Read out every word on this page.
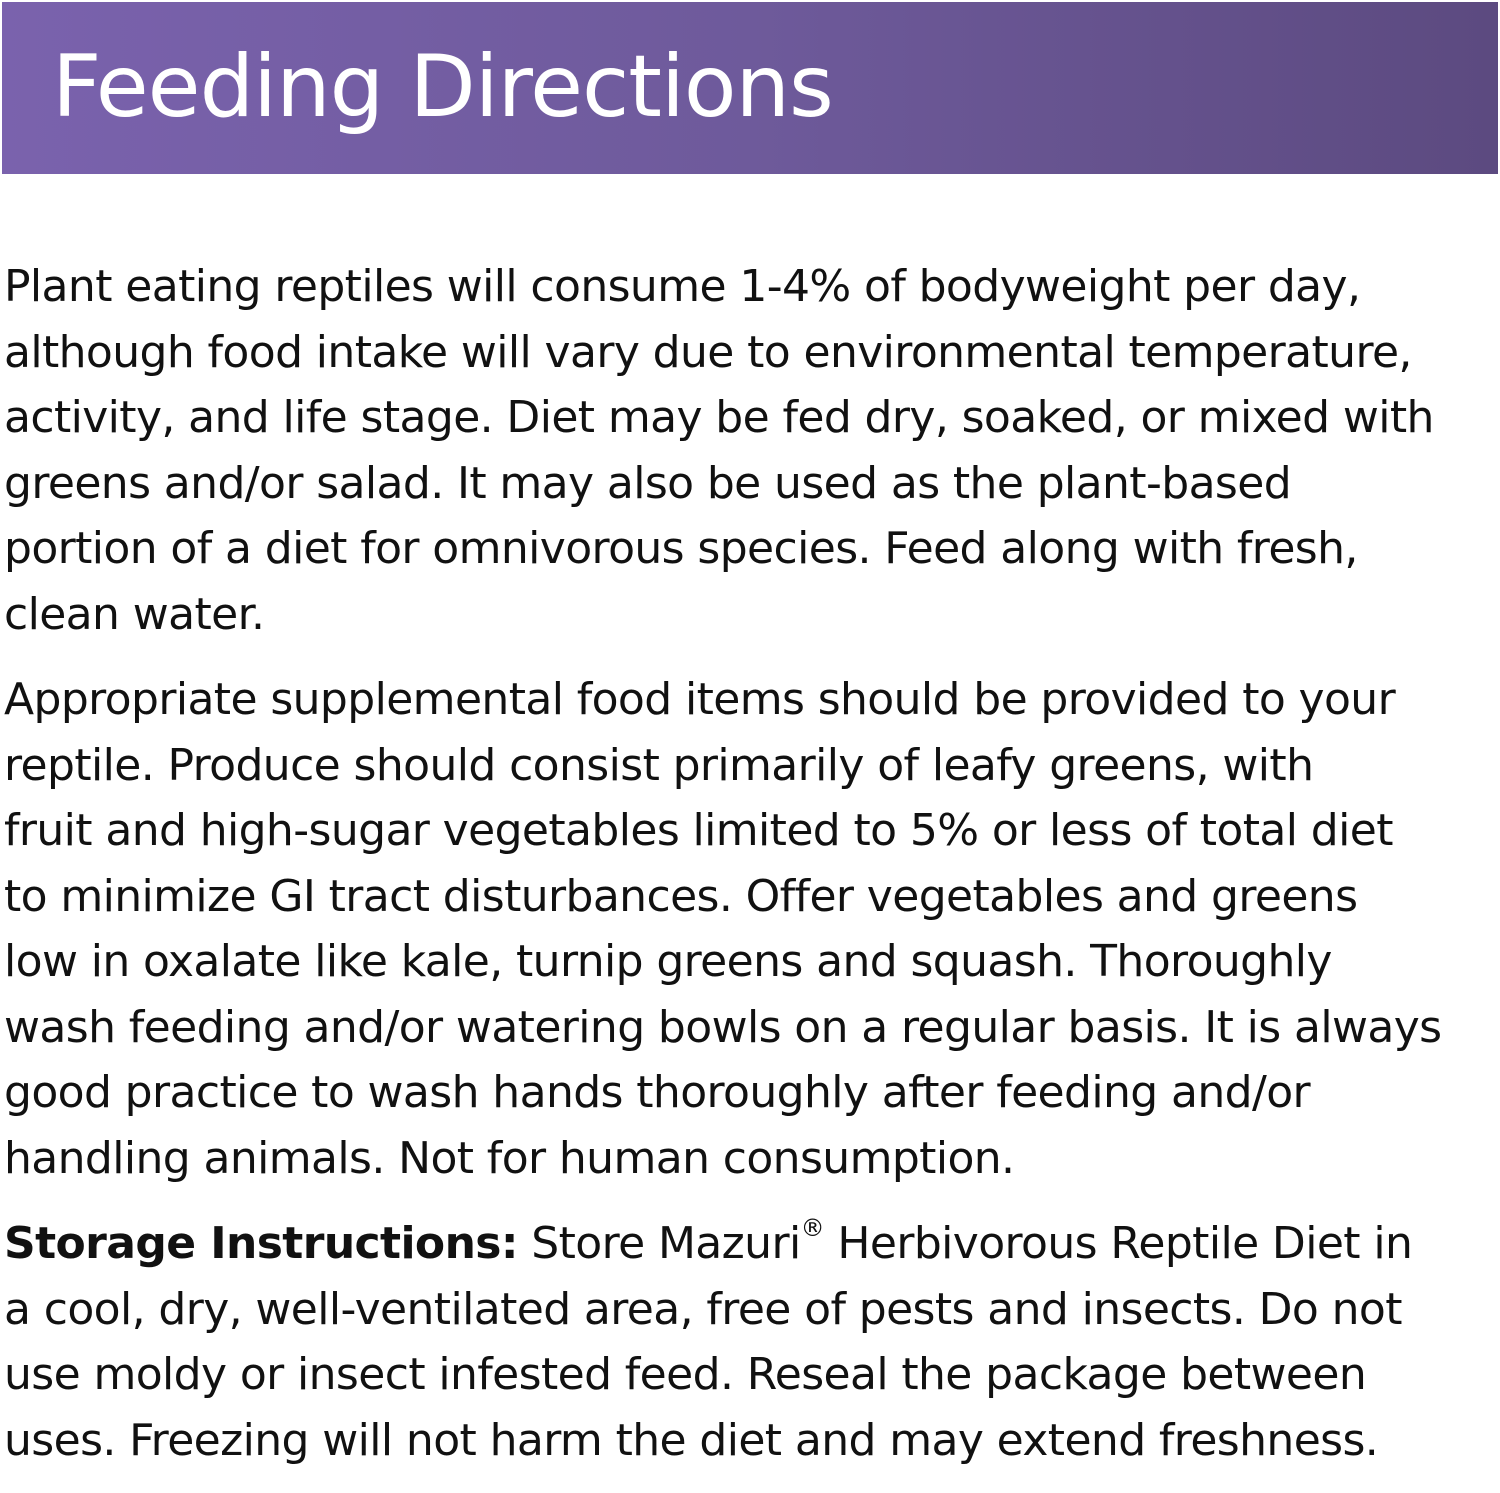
Feeding Directions
Plant eating reptiles will consume 1-4% of bodyweight per day,
although food intake will vary due to environmental temperature,
activity, and life stage. Diet may be fed dry, soaked, or mixed with
greens and/or salad. It may also be used as the plant-based
portion of a diet for omnivorous species. Feed along with fresh,
clean water.
Appropriate supplemental food items should be provided to your
reptile. Produce should consist primarily of leafy greens, with
fruit and high-sugar vegetables limited to 5% or less of total diet
to minimize GI tract disturbances. Offer vegetables and greens
low in oxalate like kale, turnip greens and squash. Thoroughly
wash feeding and/or watering bowls on a regular basis. It is always
good practice to wash hands thoroughly after feeding and/or
handling animals. Not for human consumption.
Storage Instructions: Store Mazuri® Herbivorous Reptile Diet in
a cool, dry, well-ventilated area, free of pests and insects. Do not
use moldy or insect infested feed. Reseal the package between
uses. Freezing will not harm the diet and may extend freshness.
